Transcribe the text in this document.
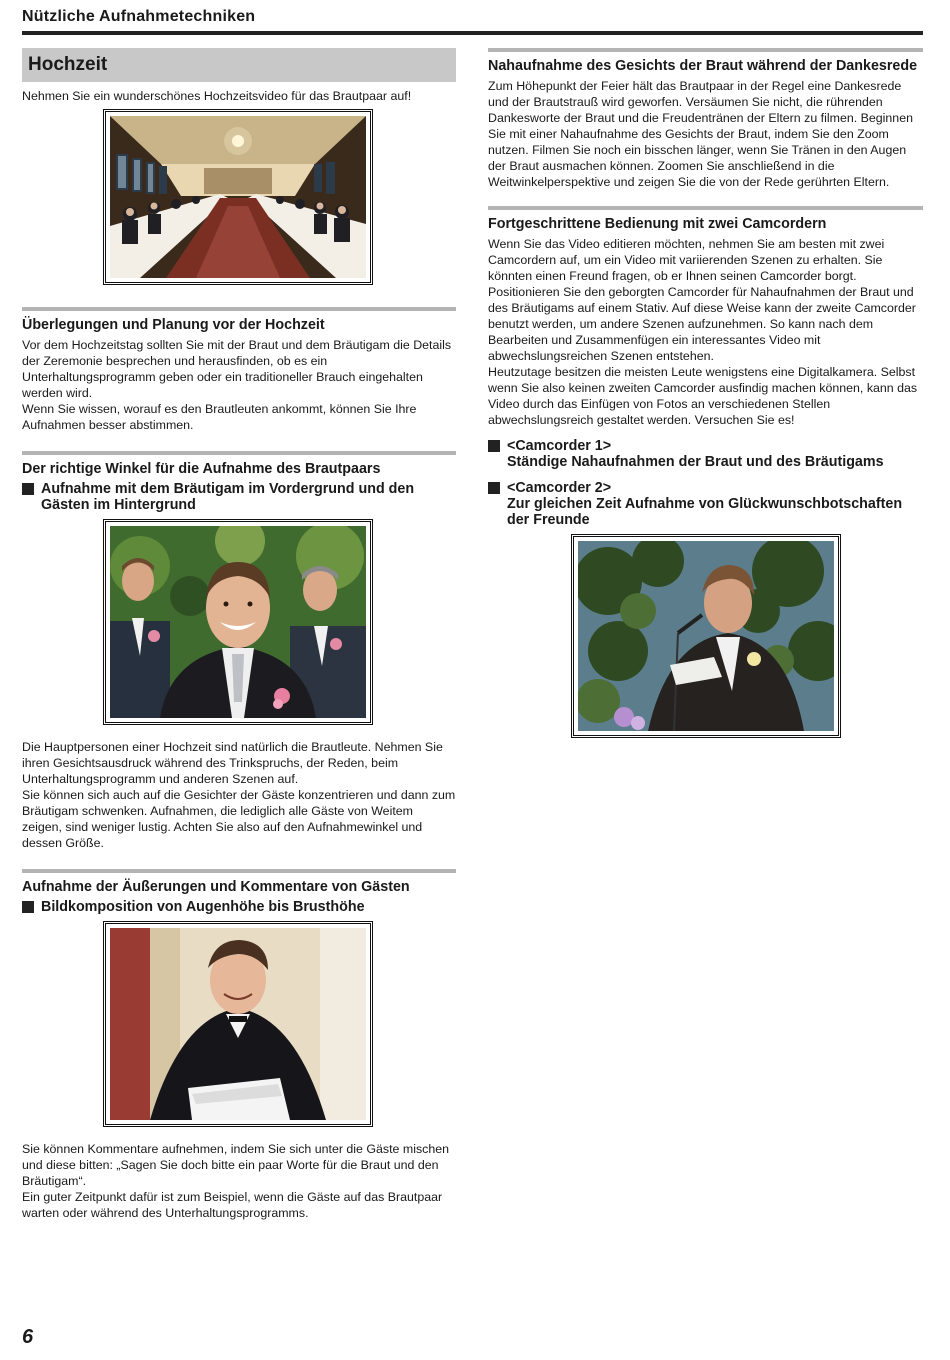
Nützliche Aufnahmetechniken
Hochzeit

Nehmen Sie ein wunderschönes Hochzeitsvideo für das Brautpaar auf!

Überlegungen und Planung vor der Hochzeit

Vor dem Hochzeitstag sollten Sie mit der Braut und dem Bräutigam die Details der Zeremonie besprechen und herausfinden, ob es ein Unterhaltungsprogramm geben oder ein traditioneller Brauch eingehalten werden wird.
Wenn Sie wissen, worauf es den Brautleuten ankommt, können Sie Ihre Aufnahmen besser abstimmen.

Der richtige Winkel für die Aufnahme des Brautpaars
Aufnahme mit dem Bräutigam im Vordergrund und den Gästen im Hintergrund

Die Hauptpersonen einer Hochzeit sind natürlich die Brautleute. Nehmen Sie ihren Gesichtsausdruck während des Trinkspruchs, der Reden, beim Unterhaltungsprogramm und anderen Szenen auf.
Sie können sich auch auf die Gesichter der Gäste konzentrieren und dann zum Bräutigam schwenken. Aufnahmen, die lediglich alle Gäste von Weitem zeigen, sind weniger lustig. Achten Sie also auf den Aufnahmewinkel und dessen Größe.

Aufnahme der Äußerungen und Kommentare von Gästen
Bildkomposition von Augenhöhe bis Brusthöhe

Sie können Kommentare aufnehmen, indem Sie sich unter die Gäste mischen und diese bitten: „Sagen Sie doch bitte ein paar Worte für die Braut und den Bräutigam“.
Ein guter Zeitpunkt dafür ist zum Beispiel, wenn die Gäste auf das Brautpaar warten oder während des Unterhaltungsprogramms.

Nahaufnahme des Gesichts der Braut während der Dankesrede

Zum Höhepunkt der Feier hält das Brautpaar in der Regel eine Dankesrede und der Brautstrauß wird geworfen. Versäumen Sie nicht, die rührenden Dankesworte der Braut und die Freudentränen der Eltern zu filmen. Beginnen Sie mit einer Nahaufnahme des Gesichts der Braut, indem Sie den Zoom nutzen. Filmen Sie noch ein bisschen länger, wenn Sie Tränen in den Augen der Braut ausmachen können. Zoomen Sie anschließend in die Weitwinkelperspektive und zeigen Sie die von der Rede gerührten Eltern.

Fortgeschrittene Bedienung mit zwei Camcordern

Wenn Sie das Video editieren möchten, nehmen Sie am besten mit zwei Camcordern auf, um ein Video mit variierenden Szenen zu erhalten. Sie könnten einen Freund fragen, ob er Ihnen seinen Camcorder borgt. Positionieren Sie den geborgten Camcorder für Nahaufnahmen der Braut und des Bräutigams auf einem Stativ. Auf diese Weise kann der zweite Camcorder benutzt werden, um andere Szenen aufzunehmen. So kann nach dem Bearbeiten und Zusammenfügen ein interessantes Video mit abwechslungsreichen Szenen entstehen.
Heutzutage besitzen die meisten Leute wenigstens eine Digitalkamera. Selbst wenn Sie also keinen zweiten Camcorder ausfindig machen können, kann das Video durch das Einfügen von Fotos an verschiedenen Stellen abwechslungsreich gestaltet werden. Versuchen Sie es!

<Camcorder 1>
Ständige Nahaufnahmen der Braut und des Bräutigams
<Camcorder 2>
Zur gleichen Zeit Aufnahme von Glückwunschbotschaften der Freunde
6
